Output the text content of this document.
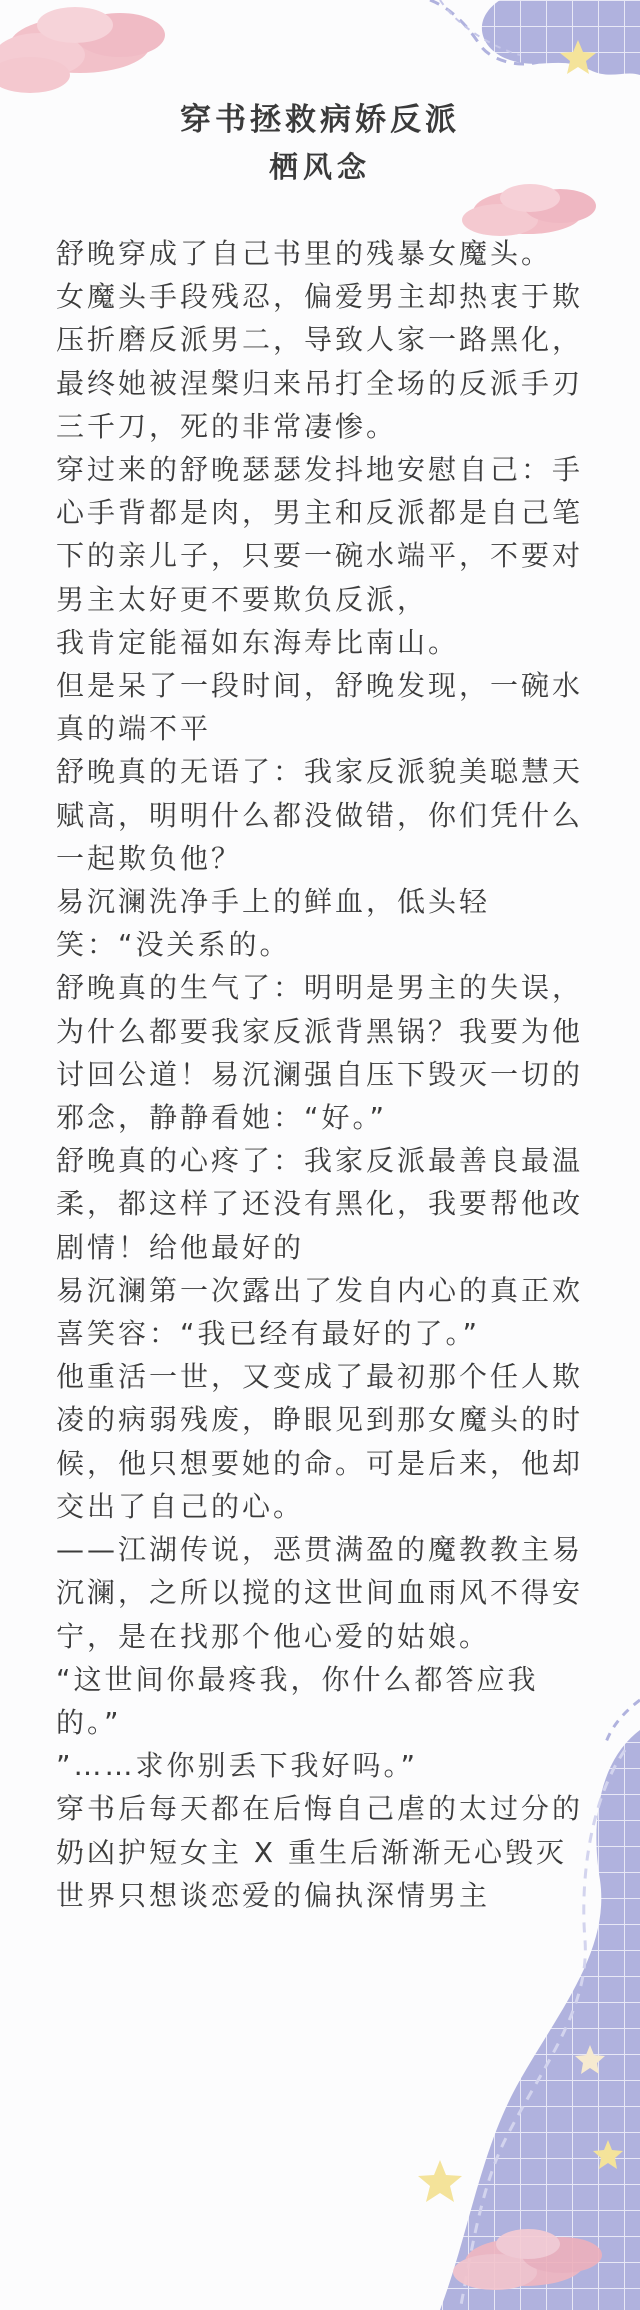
穿书拯救病娇反派
栖风念

舒晚穿成了自己书里的残暴女魔头。

女魔头手段残忍，偏爱男主却热衷于欺压折磨反派男二，导致人家一路黑化，最终她被涅槃归来吊打全场的反派手刃三千刀，死的非常凄惨。

穿过来的舒晚瑟瑟发抖地安慰自己：手心手背都是肉，男主和反派都是自己笔下的亲儿子，只要一碗水端平，不要对男主太好更不要欺负反派，

我肯定能福如东海寿比南山。

但是呆了一段时间，舒晚发现，一碗水真的端不平

舒晚真的无语了：我家反派貌美聪慧天赋高，明明什么都没做错，你们凭什么一起欺负他？

易沉澜洗净手上的鲜血，低头轻笑：“没关系的。

舒晚真的生气了：明明是男主的失误，为什么都要我家反派背黑锅？我要为他讨回公道！易沉澜强自压下毁灭一切的邪念，静静看她：“好。”

舒晚真的心疼了：我家反派最善良最温柔，都这样了还没有黑化，我要帮他改剧情！给他最好的

易沉澜第一次露出了发自内心的真正欢喜笑容：“我已经有最好的了。”

他重活一世，又变成了最初那个任人欺凌的病弱残废，睁眼见到那女魔头的时候，他只想要她的命。可是后来，他却交出了自己的心。

——江湖传说，恶贯满盈的魔教教主易沉澜，之所以搅的这世间血雨风不得安宁，是在找那个他心爱的姑娘。

“这世间你最疼我，你什么都答应我的。”

”……求你别丢下我好吗。”

穿书后每天都在后悔自己虐的太过分的奶凶护短女主 X 重生后渐渐无心毁灭世界只想谈恋爱的偏执深情男主
